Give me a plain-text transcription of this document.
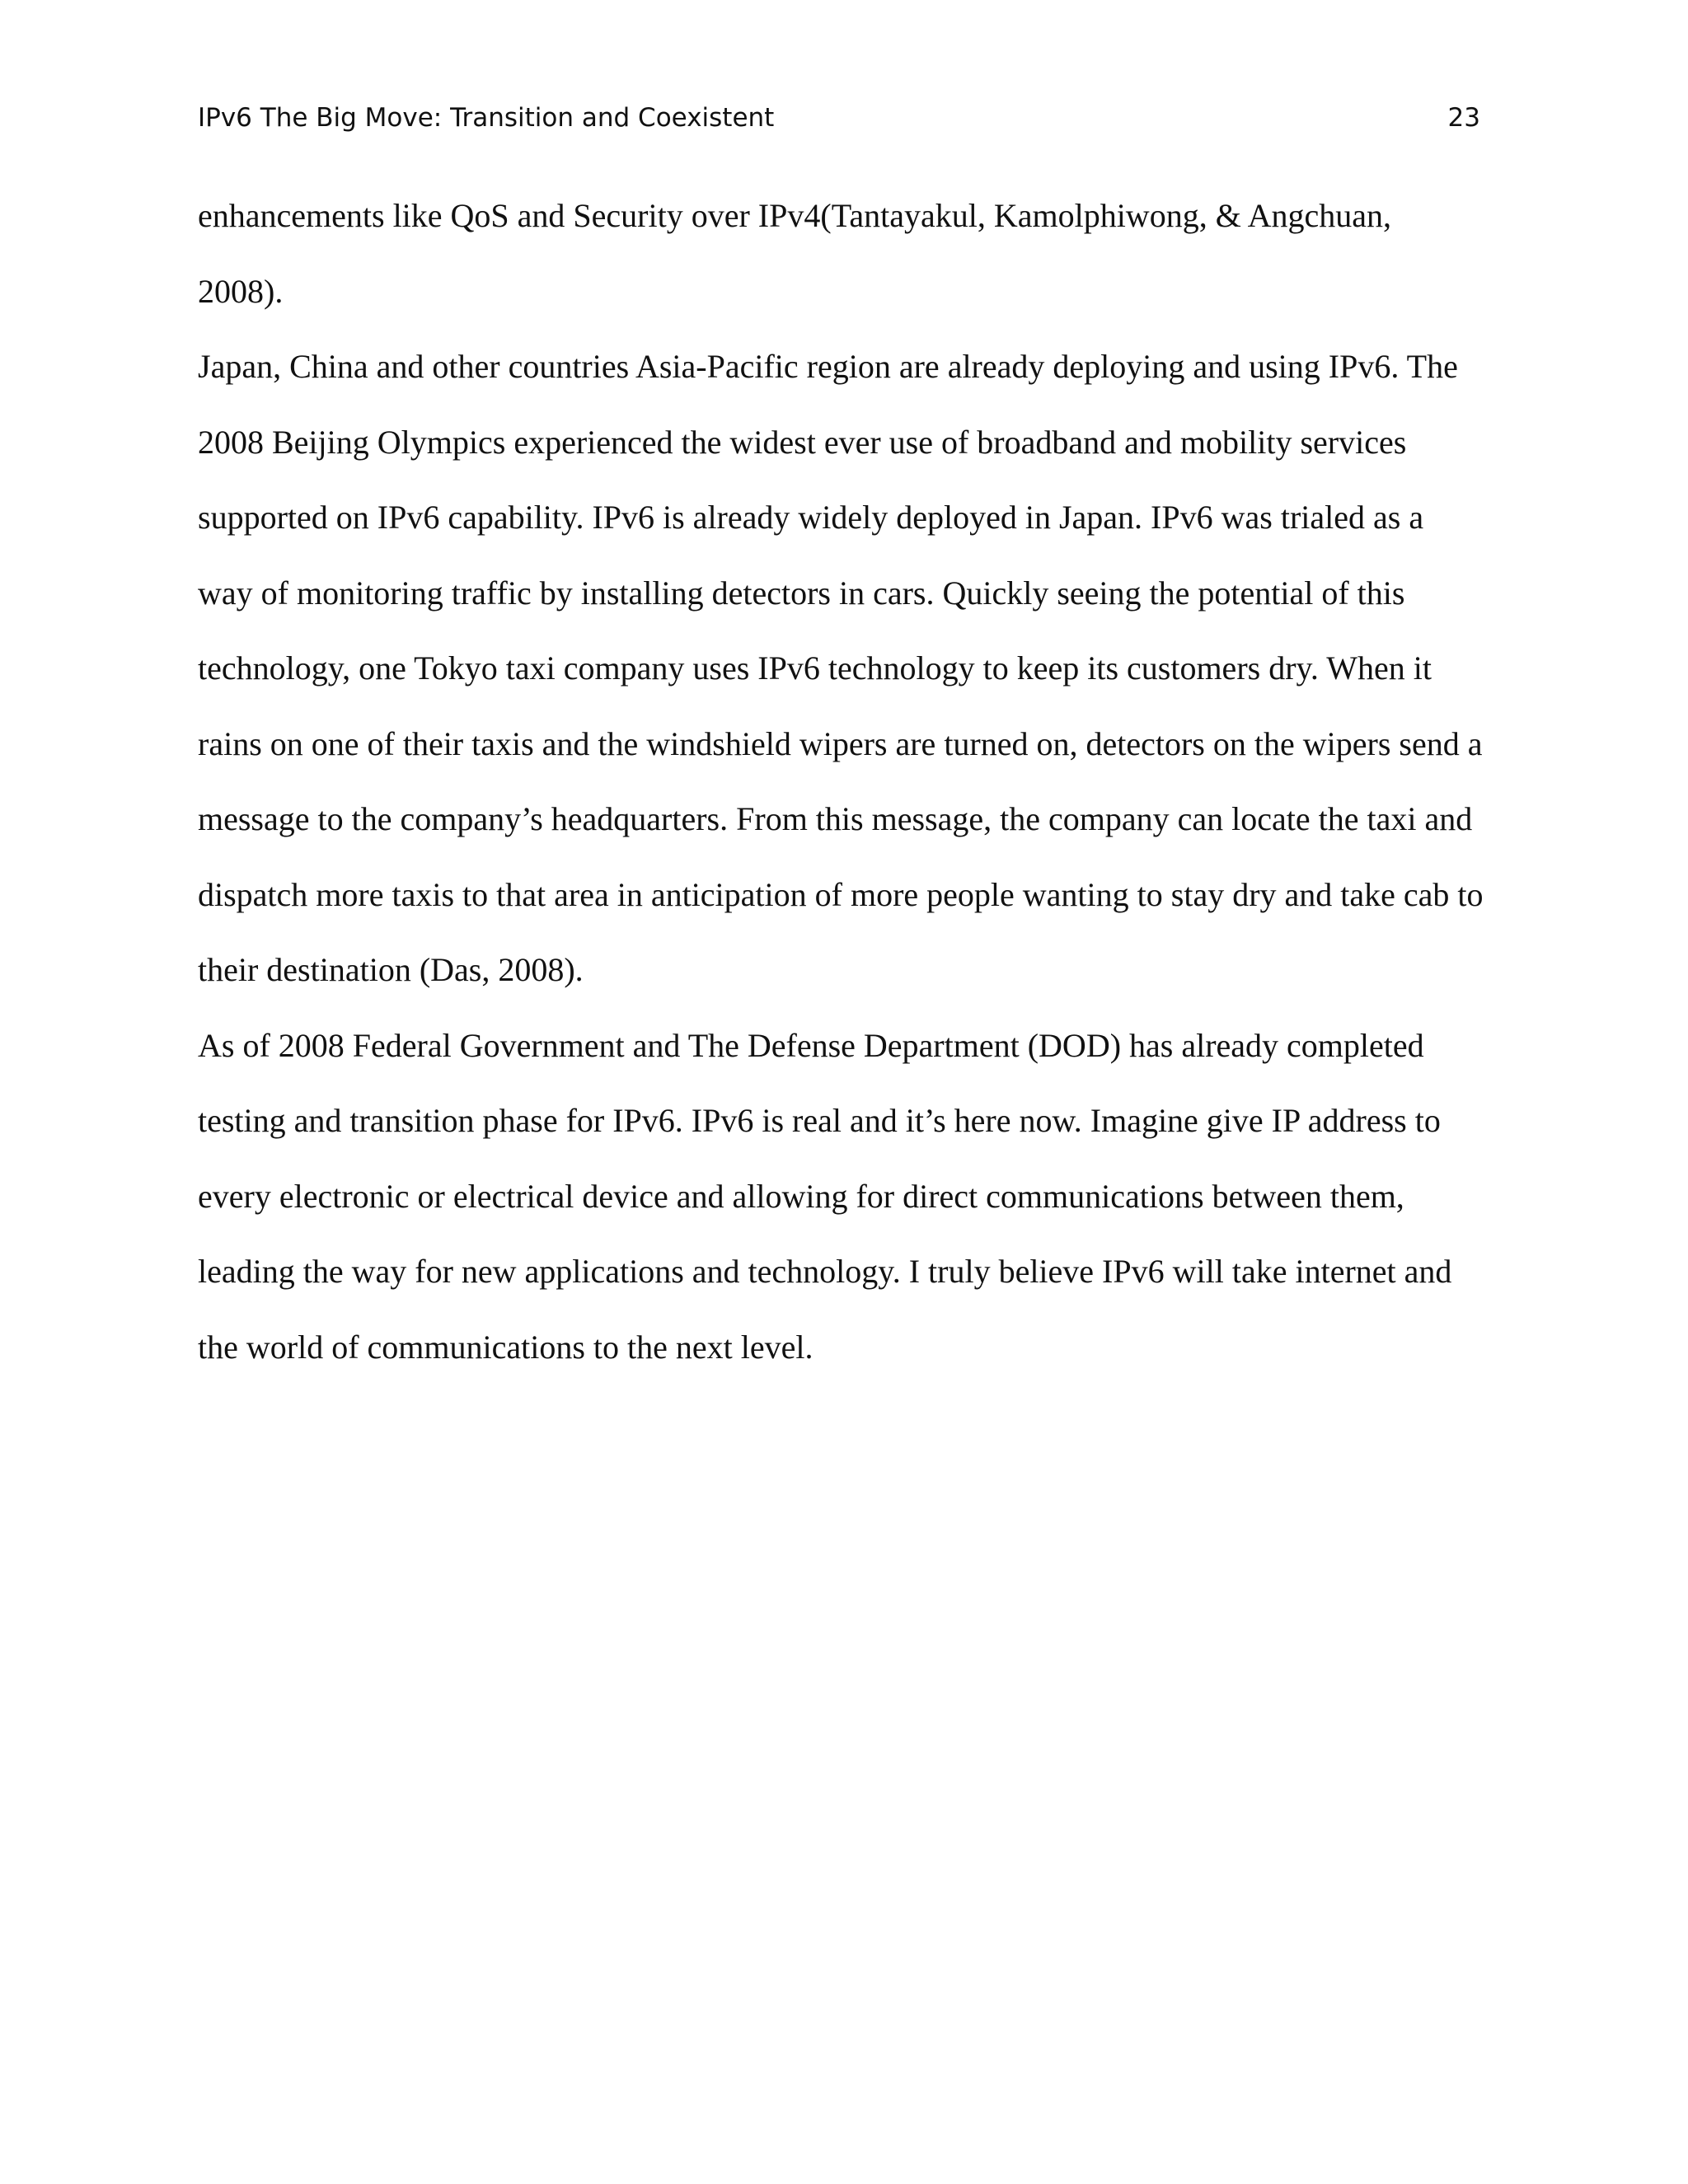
IPv6 The Big Move: Transition and Coexistent	23
enhancements like QoS and Security over IPv4(Tantayakul, Kamolphiwong, & Angchuan,
2008).
Japan, China and other countries Asia-Pacific region are already deploying and using IPv6. The
2008 Beijing Olympics experienced the widest ever use of broadband and mobility services
supported on IPv6 capability. IPv6 is already widely deployed in Japan. IPv6 was trialed as a
way of monitoring traffic by installing detectors in cars. Quickly seeing the potential of this
technology, one Tokyo taxi company uses IPv6 technology to keep its customers dry. When it
rains on one of their taxis and the windshield wipers are turned on, detectors on the wipers send a
message to the company’s headquarters. From this message, the company can locate the taxi and
dispatch more taxis to that area in anticipation of more people wanting to stay dry and take cab to
their destination (Das, 2008).
As of 2008 Federal Government and The Defense Department (DOD) has already completed
testing and transition phase for IPv6. IPv6 is real and it’s here now. Imagine give IP address to
every electronic or electrical device and allowing for direct communications between them,
leading the way for new applications and technology. I truly believe IPv6 will take internet and
the world of communications to the next level.
